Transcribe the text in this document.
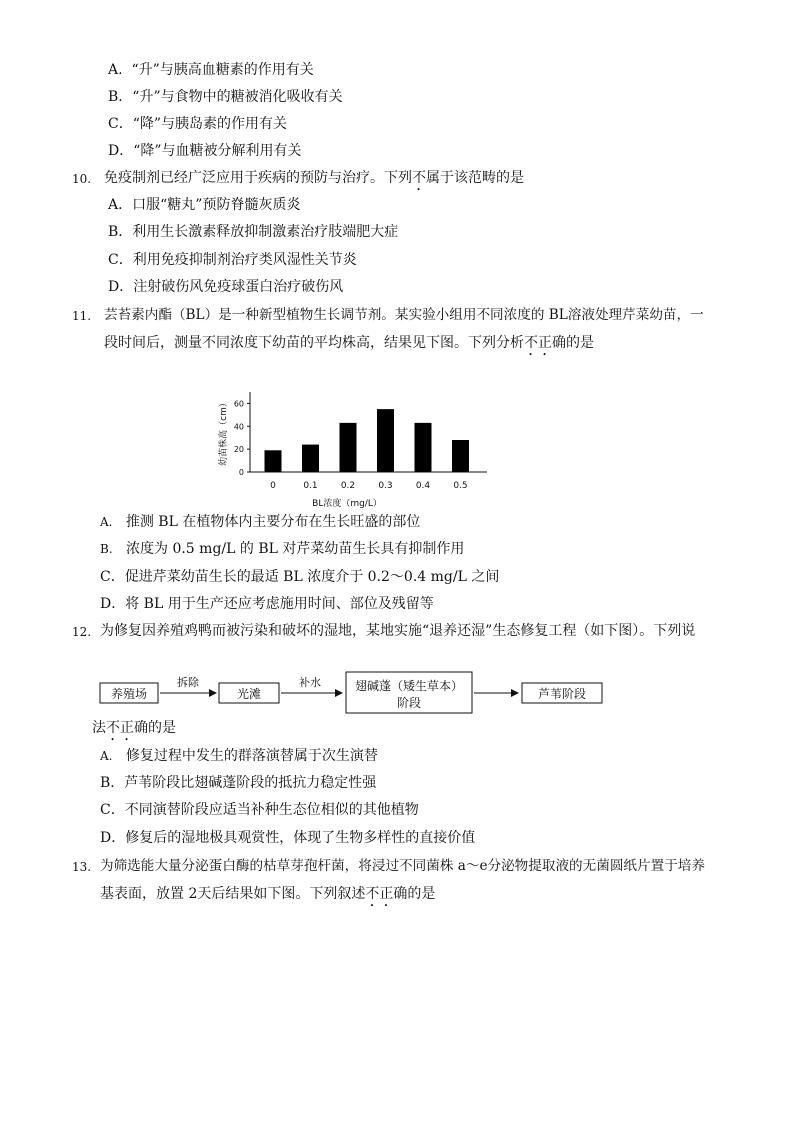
A. “升”与胰高血糖素的作用有关
B．“升”与食物中的糖被消化吸收有关
C．“降”与胰岛素的作用有关
D．“降”与血糖被分解利用有关
10. 免疫制剂已经广泛应用于疾病的预防与治疗。下列不属于该范畴的是
A．口服“糖丸”预防脊髓灰质炎
B．利用生长激素释放抑制激素治疗肢端肥大症
C．利用免疫抑制剂治疗类风湿性关节炎
D．注射破伤风免疫球蛋白治疗破伤风
11. 芸苔素内酯（BL）是一种新型植物生长调节剂。某实验小组用不同浓度的 BL溶液处理芹菜幼苗，一
段时间后，测量不同浓度下幼苗的平均株高，结果见下图。下列分析不正确的是
0
20
40
60
0	0.1	0.2	0.3	0.4	0.5
BL浓度（mg/L）
幼苗株高（cm）
A. 推测 BL 在植物体内主要分布在生长旺盛的部位
B. 浓度为 0.5 mg/L 的 BL 对芹菜幼苗生长具有抑制作用
C．促进芹菜幼苗生长的最适 BL 浓度介于 0.2～0.4 mg/L 之间
D．将 BL 用于生产还应考虑施用时间、部位及残留等
12. 为修复因养殖鸡鸭而被污染和破坏的湿地，某地实施“退养还湿”生态修复工程（如下图）。下列说
养殖场
拆除
光滩
补水	翅碱蓬（矮生草本）
阶段
芦苇阶段
法不正确的是
A. 修复过程中发生的群落演替属于次生演替
B．芦苇阶段比翅碱蓬阶段的抵抗力稳定性强
C．不同演替阶段应适当补种生态位相似的其他植物
D．修复后的湿地极具观赏性，体现了生物多样性的直接价值
13. 为筛选能大量分泌蛋白酶的枯草芽孢杆菌，将浸过不同菌株 a～e分泌物提取液的无菌圆纸片置于培养
基表面，放置 2天后结果如下图。下列叙述不正确的是
